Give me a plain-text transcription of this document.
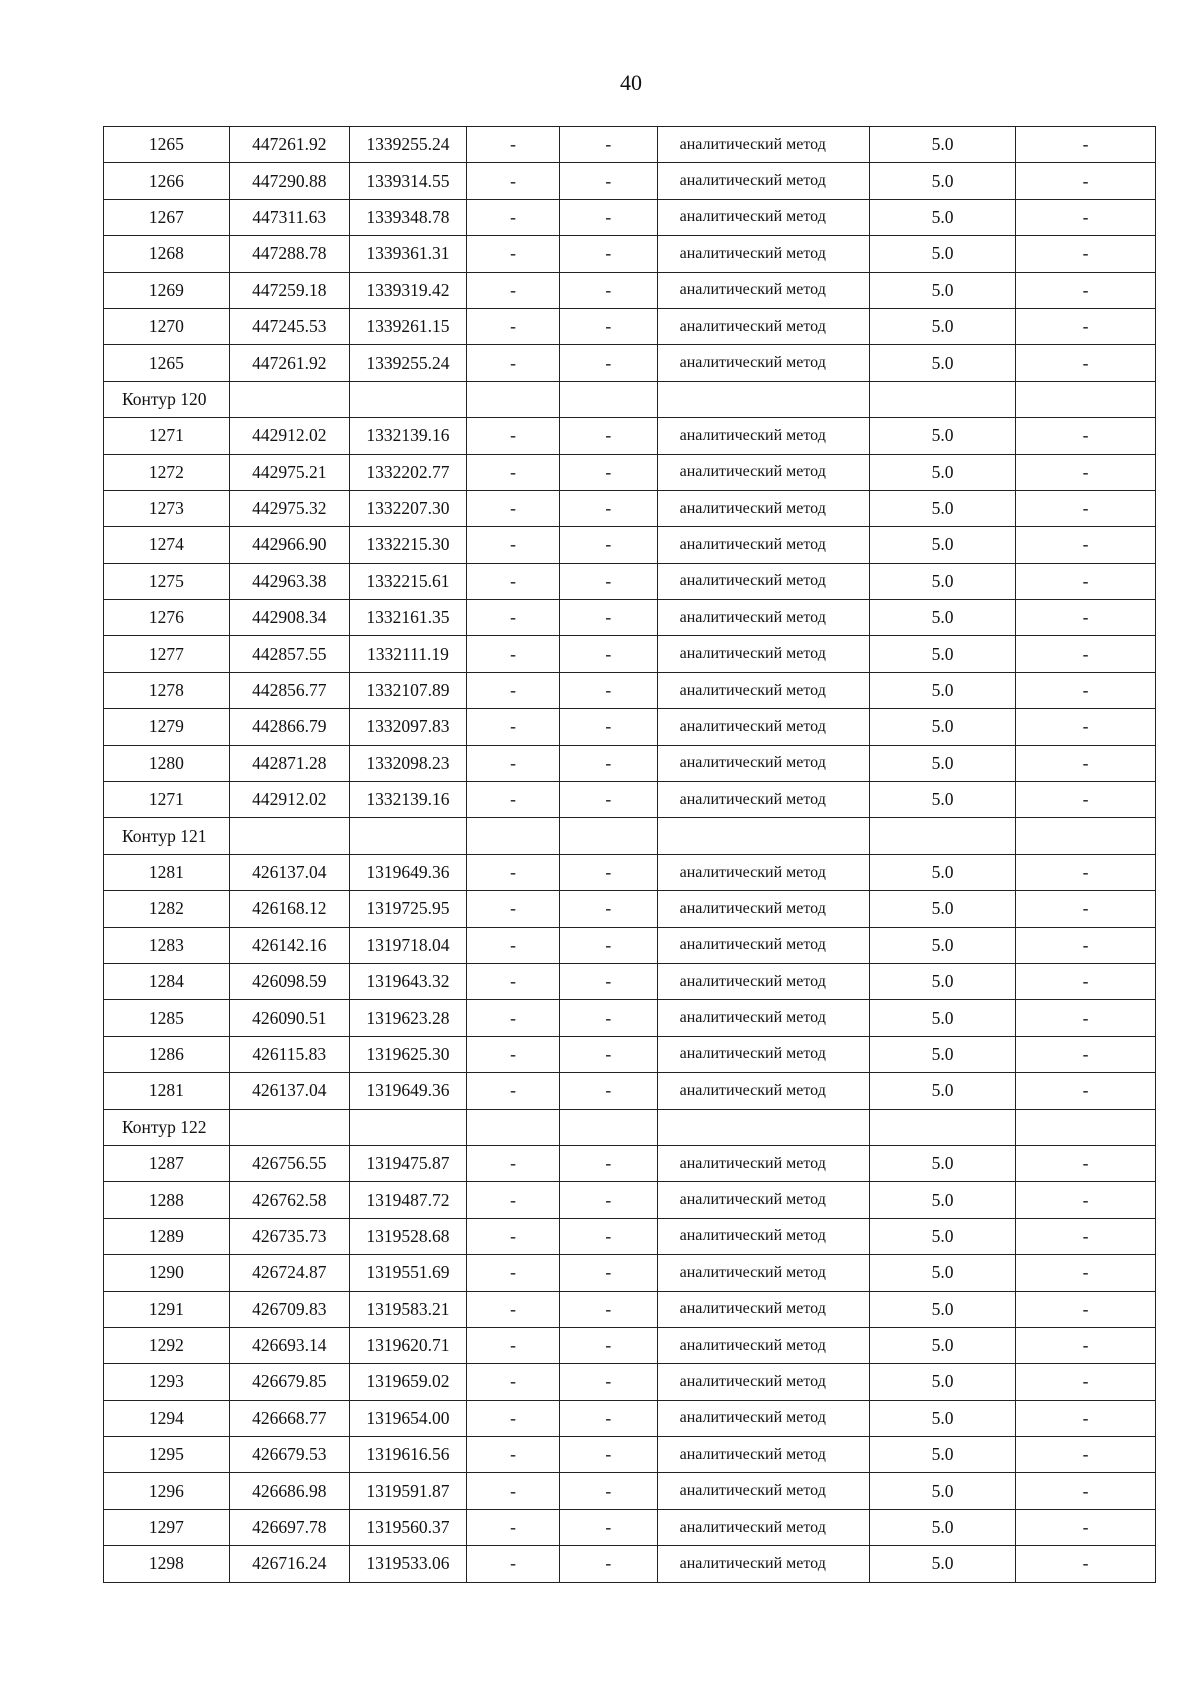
40
1265	447261.92	1339255.24	-	-	аналитический метод	5.0	-
1266	447290.88	1339314.55	-	-	аналитический метод	5.0	-
1267	447311.63	1339348.78	-	-	аналитический метод	5.0	-
1268	447288.78	1339361.31	-	-	аналитический метод	5.0	-
1269	447259.18	1339319.42	-	-	аналитический метод	5.0	-
1270	447245.53	1339261.15	-	-	аналитический метод	5.0	-
1265	447261.92	1339255.24	-	-	аналитический метод	5.0	-
Контур 120							
1271	442912.02	1332139.16	-	-	аналитический метод	5.0	-
1272	442975.21	1332202.77	-	-	аналитический метод	5.0	-
1273	442975.32	1332207.30	-	-	аналитический метод	5.0	-
1274	442966.90	1332215.30	-	-	аналитический метод	5.0	-
1275	442963.38	1332215.61	-	-	аналитический метод	5.0	-
1276	442908.34	1332161.35	-	-	аналитический метод	5.0	-
1277	442857.55	1332111.19	-	-	аналитический метод	5.0	-
1278	442856.77	1332107.89	-	-	аналитический метод	5.0	-
1279	442866.79	1332097.83	-	-	аналитический метод	5.0	-
1280	442871.28	1332098.23	-	-	аналитический метод	5.0	-
1271	442912.02	1332139.16	-	-	аналитический метод	5.0	-
Контур 121							
1281	426137.04	1319649.36	-	-	аналитический метод	5.0	-
1282	426168.12	1319725.95	-	-	аналитический метод	5.0	-
1283	426142.16	1319718.04	-	-	аналитический метод	5.0	-
1284	426098.59	1319643.32	-	-	аналитический метод	5.0	-
1285	426090.51	1319623.28	-	-	аналитический метод	5.0	-
1286	426115.83	1319625.30	-	-	аналитический метод	5.0	-
1281	426137.04	1319649.36	-	-	аналитический метод	5.0	-
Контур 122							
1287	426756.55	1319475.87	-	-	аналитический метод	5.0	-
1288	426762.58	1319487.72	-	-	аналитический метод	5.0	-
1289	426735.73	1319528.68	-	-	аналитический метод	5.0	-
1290	426724.87	1319551.69	-	-	аналитический метод	5.0	-
1291	426709.83	1319583.21	-	-	аналитический метод	5.0	-
1292	426693.14	1319620.71	-	-	аналитический метод	5.0	-
1293	426679.85	1319659.02	-	-	аналитический метод	5.0	-
1294	426668.77	1319654.00	-	-	аналитический метод	5.0	-
1295	426679.53	1319616.56	-	-	аналитический метод	5.0	-
1296	426686.98	1319591.87	-	-	аналитический метод	5.0	-
1297	426697.78	1319560.37	-	-	аналитический метод	5.0	-
1298	426716.24	1319533.06	-	-	аналитический метод	5.0	-
